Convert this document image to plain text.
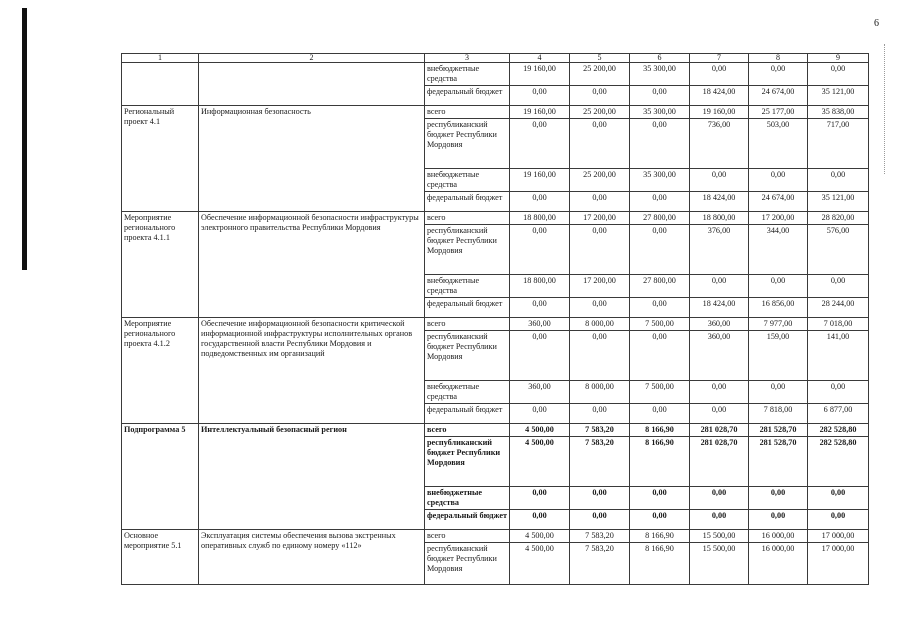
6
1	2	3	4	5	6	7	8	9
		внебюджетные средства	19 160,00	25 200,00	35 300,00	0,00	0,00	0,00
		федеральный бюджет	0,00	0,00	0,00	18 424,00	24 674,00	35 121,00
Региональный проект 4.1	Информационная безопасность	всего	19 160,00	25 200,00	35 300,00	19 160,00	25 177,00	35 838,00
		республиканский бюджет Республики Мордовия	0,00	0,00	0,00	736,00	503,00	717,00
		внебюджетные средства	19 160,00	25 200,00	35 300,00	0,00	0,00	0,00
		федеральный бюджет	0,00	0,00	0,00	18 424,00	24 674,00	35 121,00
Мероприятие регионального проекта 4.1.1	Обеспечение информационной безопасности инфраструктуры электронного правительства Республики Мордовия	всего	18 800,00	17 200,00	27 800,00	18 800,00	17 200,00	28 820,00
		республиканский бюджет Республики Мордовия	0,00	0,00	0,00	376,00	344,00	576,00
		внебюджетные средства	18 800,00	17 200,00	27 800,00	0,00	0,00	0,00
		федеральный бюджет	0,00	0,00	0,00	18 424,00	16 856,00	28 244,00
Мероприятие регионального проекта 4.1.2	Обеспечение информационной безопасности критической информационной инфраструктуры исполнительных органов государственной власти Республики Мордовия и подведомственных им организаций	всего	360,00	8 000,00	7 500,00	360,00	7 977,00	7 018,00
		республиканский бюджет Республики Мордовия	0,00	0,00	0,00	360,00	159,00	141,00
		внебюджетные средства	360,00	8 000,00	7 500,00	0,00	0,00	0,00
		федеральный бюджет	0,00	0,00	0,00	0,00	7 818,00	6 877,00
Подпрограмма 5	Интеллектуальный безопасный регион	всего	4 500,00	7 583,20	8 166,90	281 028,70	281 528,70	282 528,80
		республиканский бюджет Республики Мордовия	4 500,00	7 583,20	8 166,90	281 028,70	281 528,70	282 528,80
		внебюджетные средства	0,00	0,00	0,00	0,00	0,00	0,00
		федеральный бюджет	0,00	0,00	0,00	0,00	0,00	0,00
Основное мероприятие 5.1	Эксплуатация системы обеспечения вызова экстренных оперативных служб по единому номеру «112»	всего	4 500,00	7 583,20	8 166,90	15 500,00	16 000,00	17 000,00
		республиканский бюджет Республики Мордовия	4 500,00	7 583,20	8 166,90	15 500,00	16 000,00	17 000,00
